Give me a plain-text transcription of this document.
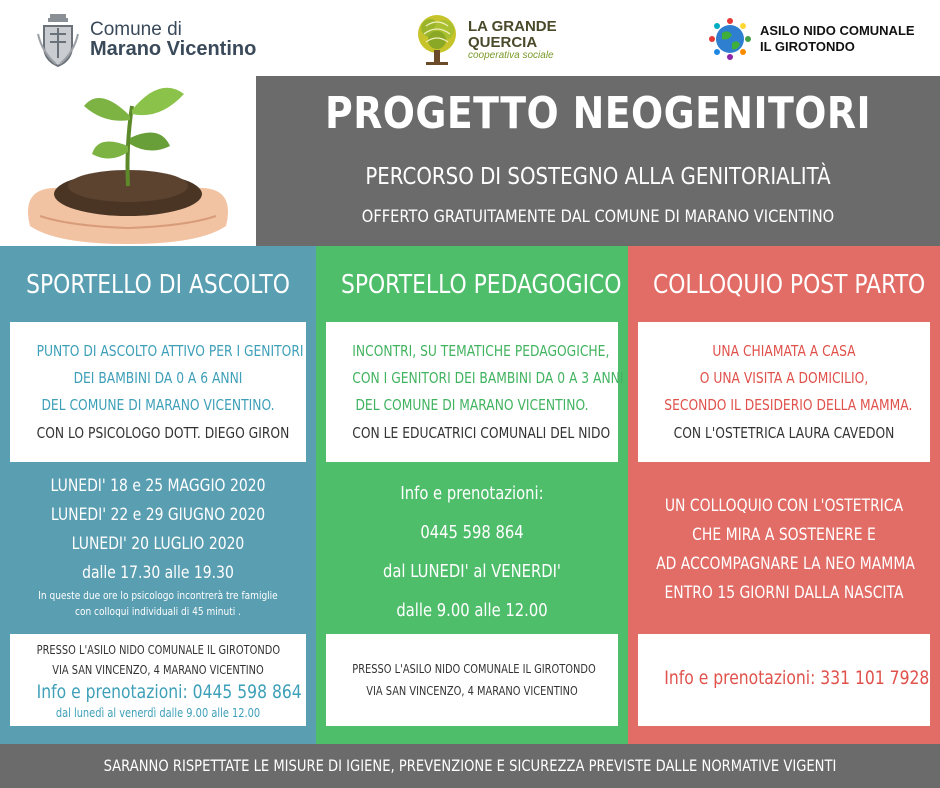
Comune di
Marano Vicentino
LA GRANDE
QUERCIA
cooperativa sociale
ASILO NIDO COMUNALE
IL GIROTONDO
PROGETTO NEOGENITORI
PERCORSO DI SOSTEGNO ALLA GENITORIALITÀ
OFFERTO GRATUITAMENTE DAL COMUNE DI MARANO VICENTINO
SPORTELLO DI ASCOLTO
PUNTO DI ASCOLTO ATTIVO PER I GENITORI
DEI BAMBINI DA 0 A 6 ANNI
DEL COMUNE DI MARANO VICENTINO.
CON LO PSICOLOGO DOTT. DIEGO GIRON
LUNEDI' 18 e 25 MAGGIO 2020
LUNEDI' 22 e 29 GIUGNO 2020
LUNEDI' 20 LUGLIO 2020
dalle 17.30 alle 19.30
In queste due ore lo psicologo incontrerà tre famiglie
con colloqui individuali di 45 minuti .
PRESSO L'ASILO NIDO COMUNALE IL GIROTONDO
VIA SAN VINCENZO, 4 MARANO VICENTINO
Info e prenotazioni: 0445 598 864
dal lunedì al venerdì dalle 9.00 alle 12.00
SPORTELLO PEDAGOGICO
INCONTRI, SU TEMATICHE PEDAGOGICHE,
CON I GENITORI DEI BAMBINI DA 0 A 3 ANNI
DEL COMUNE DI MARANO VICENTINO.
CON LE EDUCATRICI COMUNALI DEL NIDO
Info e prenotazioni:
0445 598 864
dal LUNEDI' al VENERDI'
dalle 9.00 alle 12.00
PRESSO L'ASILO NIDO COMUNALE IL GIROTONDO
VIA SAN VINCENZO, 4 MARANO VICENTINO
COLLOQUIO POST PARTO
UNA CHIAMATA A CASA
O UNA VISITA A DOMICILIO,
SECONDO IL DESIDERIO DELLA MAMMA.
CON L'OSTETRICA LAURA CAVEDON
UN COLLOQUIO CON L'OSTETRICA
CHE MIRA A SOSTENERE E
AD ACCOMPAGNARE LA NEO MAMMA
ENTRO 15 GIORNI DALLA NASCITA
Info e prenotazioni: 331 101 7928
SARANNO RISPETTATE LE MISURE DI IGIENE, PREVENZIONE E SICUREZZA PREVISTE DALLE NORMATIVE VIGENTI
